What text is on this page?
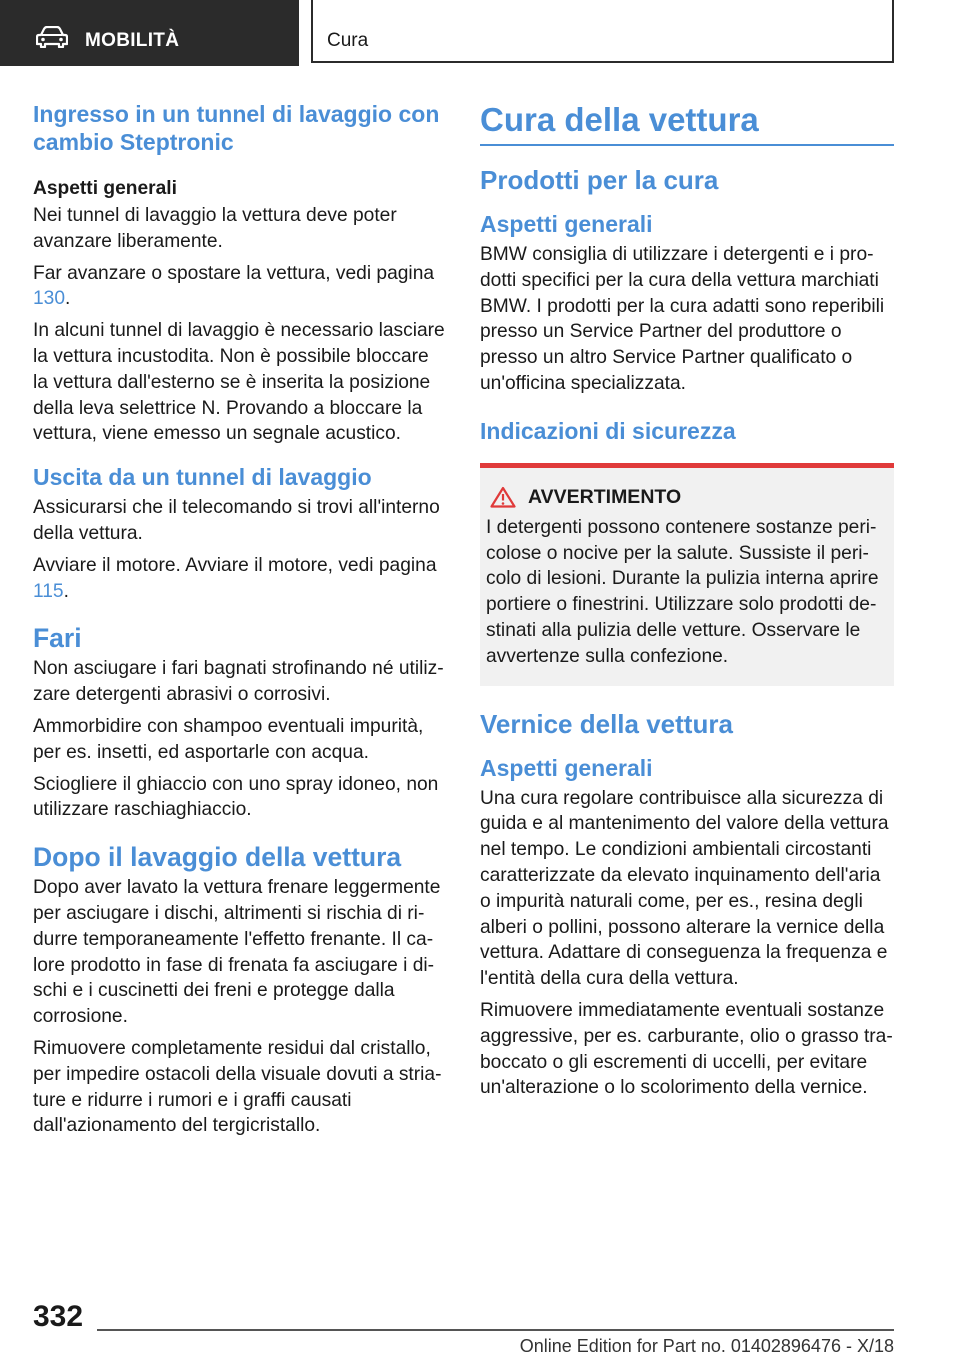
MOBILITÀ	Cura
Ingresso in un tunnel di lavaggio con cambio Steptronic
Aspetti generali

Nei tunnel di lavaggio la vettura deve poter avanzare liberamente.

Far avanzare o spostare la vettura, vedi pagina 130.

In alcuni tunnel di lavaggio è necessario lasciare la vettura incustodita. Non è possibile bloccare la vettura dall'esterno se è inserita la posizione della leva selettrice N. Provando a bloccare la vettura, viene emesso un segnale acustico.

Uscita da un tunnel di lavaggio

Assicurarsi che il telecomando si trovi all'interno della vettura.

Avviare il motore. Avviare il motore, vedi pagina 115.

Fari

Non asciugare i fari bagnati strofinando né utilizzare detergenti abrasivi o corrosivi.

Ammorbidire con shampoo eventuali impurità, per es. insetti, ed asportarle con acqua.

Sciogliere il ghiaccio con uno spray idoneo, non utilizzare raschiaghiaccio.

Dopo il lavaggio della vettura

Dopo aver lavato la vettura frenare leggermente per asciugare i dischi, altrimenti si rischia di ridurre temporaneamente l'effetto frenante. Il calore prodotto in fase di frenata fa asciugare i dischi e i cuscinetti dei freni e protegge dalla corrosione.

Rimuovere completamente residui dal cristallo, per impedire ostacoli della visuale dovuti a striature e ridurre i rumori e i graffi causati dall'azionamento del tergicristallo.

Cura della vettura
Prodotti per la cura
Aspetti generali

BMW consiglia di utilizzare i detergenti e i prodotti specifici per la cura della vettura marchiati BMW. I prodotti per la cura adatti sono reperibili presso un Service Partner del produttore o presso un altro Service Partner qualificato o un'officina specializzata.

Indicazioni di sicurezza
AVVERTIMENTO

I detergenti possono contenere sostanze pericolose o nocive per la salute. Sussiste il pericolo di lesioni. Durante la pulizia interna aprire portiere o finestrini. Utilizzare solo prodotti destinati alla pulizia delle vetture. Osservare le avvertenze sulla confezione.

Vernice della vettura
Aspetti generali

Una cura regolare contribuisce alla sicurezza di guida e al mantenimento del valore della vettura nel tempo. Le condizioni ambientali circostanti caratterizzate da elevato inquinamento dell'aria o impurità naturali come, per es., resina degli alberi o pollini, possono alterare la vernice della vettura. Adattare di conseguenza la frequenza e l'entità della cura della vettura.

Rimuovere immediatamente eventuali sostanze aggressive, per es. carburante, olio o grasso traboccato o gli escrementi di uccelli, per evitare un'alterazione o lo scolorimento della vernice.

332
Online Edition for Part no. 01402896476 - X/18
